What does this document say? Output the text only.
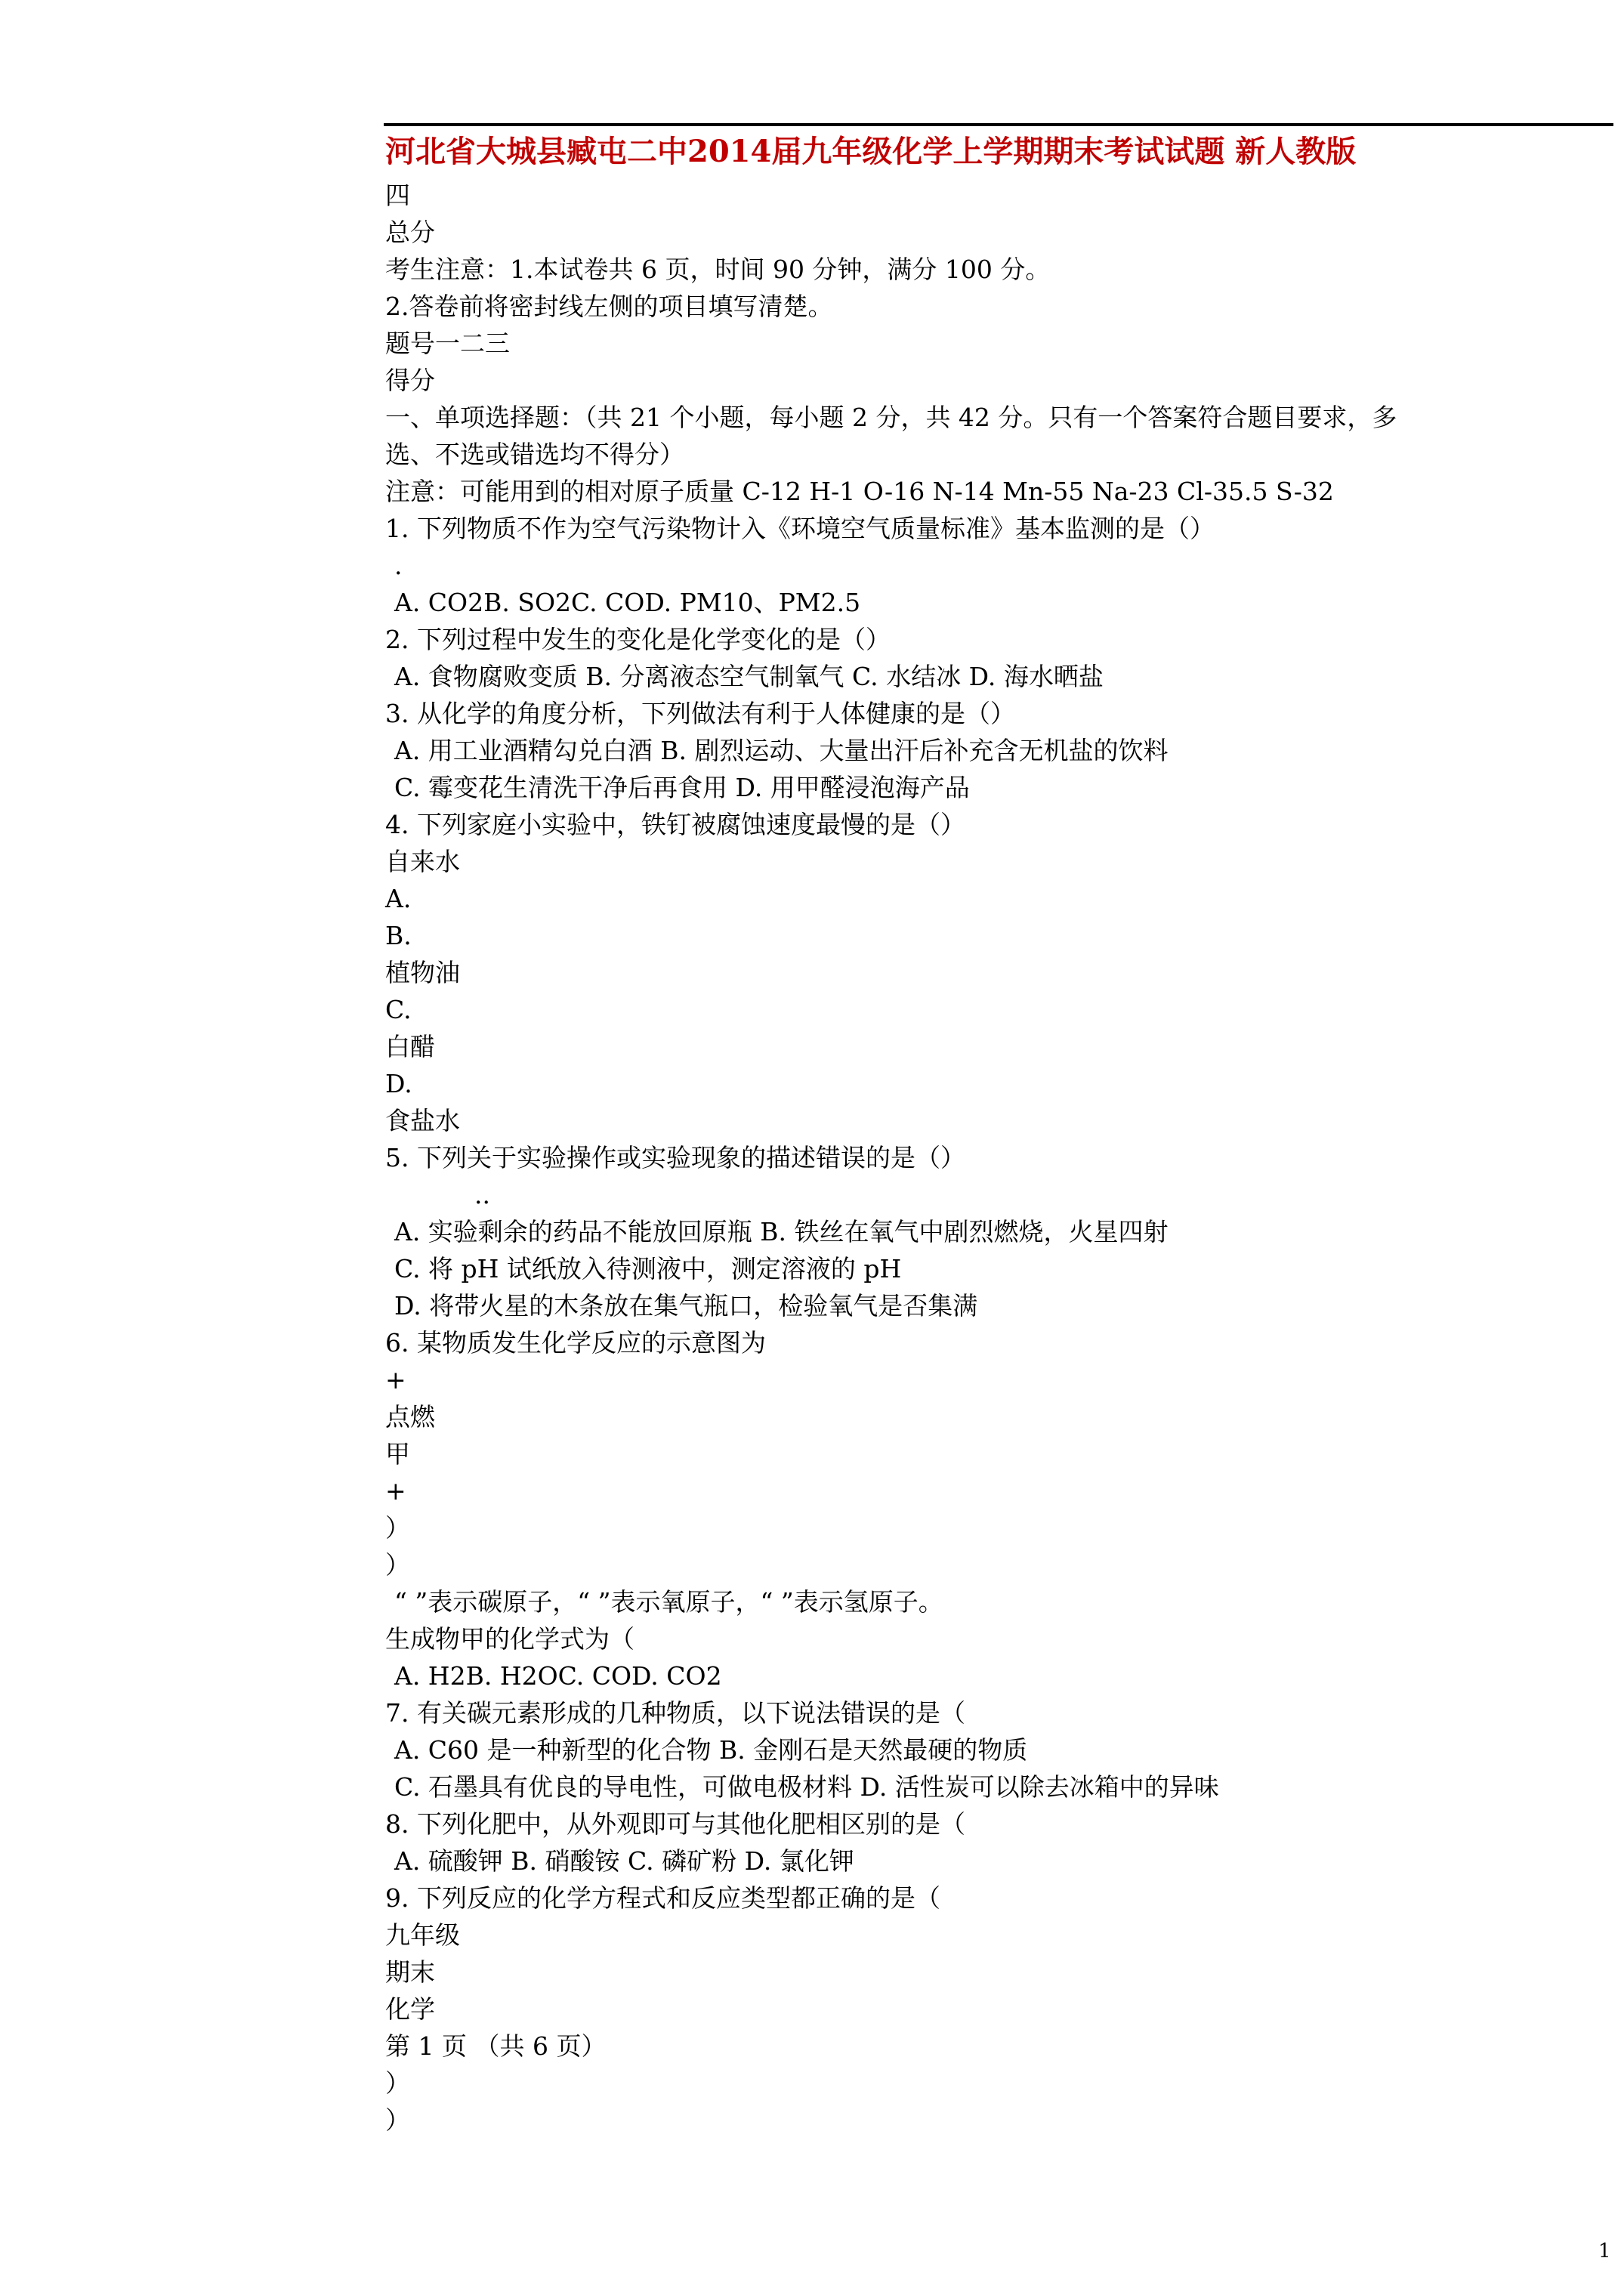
河北省大城县臧屯二中2014届九年级化学上学期期末考试试题 新人教版
四
总分
考生注意：1.本试卷共 6 页，时间 90 分钟，满分 100 分。
2.答卷前将密封线左侧的项目填写清楚。
题号一二三
得分
一、单项选择题：（共 21 个小题，每小题 2 分，共 42 分。只有一个答案符合题目要求，多
选、不选或错选均不得分）
注意：可能用到的相对原子质量 C-12 H-1 O-16 N-14 Mn-55 Na-23 Cl-35.5 S-32
1. 下列物质不作为空气污染物计入《环境空气质量标准》基本监测的是（）
.
A. CO2B. SO2C. COD. PM10、PM2.5
2. 下列过程中发生的变化是化学变化的是（）
A. 食物腐败变质 B. 分离液态空气制氧气 C. 水结冰 D. 海水晒盐
3. 从化学的角度分析，下列做法有利于人体健康的是（）
A. 用工业酒精勾兑白酒 B. 剧烈运动、大量出汗后补充含无机盐的饮料
C. 霉变花生清洗干净后再食用 D. 用甲醛浸泡海产品
4. 下列家庭小实验中，铁钉被腐蚀速度最慢的是（）
自来水
A.
B.
植物油
C.
白醋
D.
食盐水
5. 下列关于实验操作或实验现象的描述错误的是（）
..
A. 实验剩余的药品不能放回原瓶 B. 铁丝在氧气中剧烈燃烧，火星四射
C. 将 pH 试纸放入待测液中，测定溶液的 pH
D. 将带火星的木条放在集气瓶口，检验氧气是否集满
6. 某物质发生化学反应的示意图为
+
点燃
甲
+
）
）
“ ”表示碳原子，“ ”表示氧原子，“ ”表示氢原子。
生成物甲的化学式为（
A. H2B. H2OC. COD. CO2
7. 有关碳元素形成的几种物质，以下说法错误的是（
A. C60 是一种新型的化合物 B. 金刚石是天然最硬的物质
C. 石墨具有优良的导电性，可做电极材料 D. 活性炭可以除去冰箱中的异味
8. 下列化肥中，从外观即可与其他化肥相区别的是（
A. 硫酸钾 B. 硝酸铵 C. 磷矿粉 D. 氯化钾
9. 下列反应的化学方程式和反应类型都正确的是（
九年级
期末
化学
第 1 页 （共 6 页）
）
）
1
